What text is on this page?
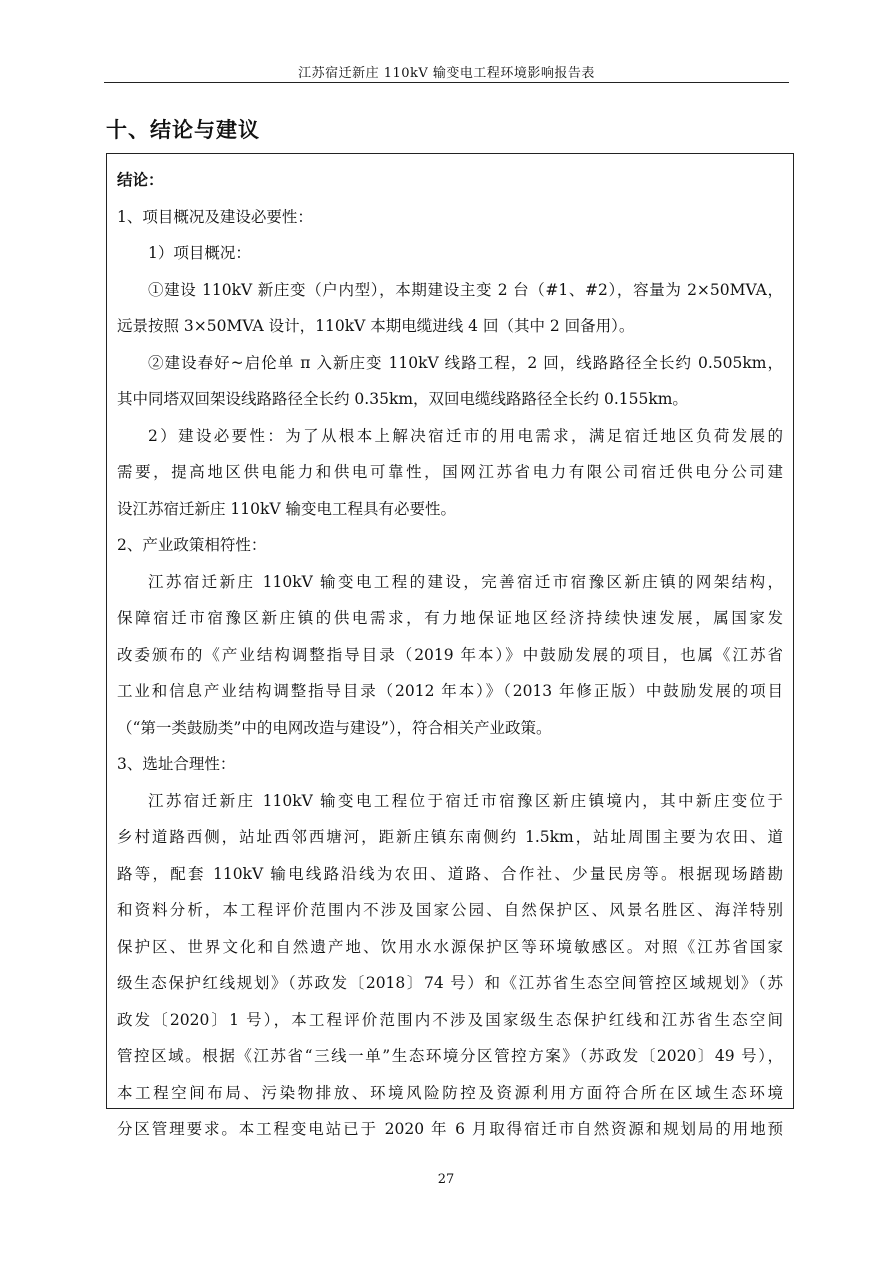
江苏宿迁新庄 110kV 输变电工程环境影响报告表
十、结论与建议
结论：
1、项目概况及建设必要性：
1）项目概况：
①建设 110kV 新庄变（户内型），本期建设主变 2 台（#1、#2），容量为 2×50MVA，
远景按照 3×50MVA 设计，110kV 本期电缆进线 4 回（其中 2 回备用）。
②建设春好~启伦单 π 入新庄变 110kV 线路工程，2 回，线路路径全长约 0.505km，
其中同塔双回架设线路路径全长约 0.35km，双回电缆线路路径全长约 0.155km。
2）建设必要性：为了从根本上解决宿迁市的用电需求，满足宿迁地区负荷发展的
需要，提高地区供电能力和供电可靠性，国网江苏省电力有限公司宿迁供电分公司建
设江苏宿迁新庄 110kV 输变电工程具有必要性。
2、产业政策相符性：
江苏宿迁新庄 110kV 输变电工程的建设，完善宿迁市宿豫区新庄镇的网架结构，
保障宿迁市宿豫区新庄镇的供电需求，有力地保证地区经济持续快速发展，属国家发
改委颁布的《产业结构调整指导目录（2019 年本）》中鼓励发展的项目，也属《江苏省
工业和信息产业结构调整指导目录（2012 年本）》（2013 年修正版）中鼓励发展的项目
（“第一类鼓励类”中的电网改造与建设”），符合相关产业政策。
3、选址合理性：
江苏宿迁新庄 110kV 输变电工程位于宿迁市宿豫区新庄镇境内，其中新庄变位于
乡村道路西侧，站址西邻西塘河，距新庄镇东南侧约 1.5km，站址周围主要为农田、道
路等，配套 110kV 输电线路沿线为农田、道路、合作社、少量民房等。根据现场踏勘
和资料分析，本工程评价范围内不涉及国家公园、自然保护区、风景名胜区、海洋特别
保护区、世界文化和自然遗产地、饮用水水源保护区等环境敏感区。对照《江苏省国家
级生态保护红线规划》（苏政发〔2018〕74 号）和《江苏省生态空间管控区域规划》（苏
政发〔2020〕1 号），本工程评价范围内不涉及国家级生态保护红线和江苏省生态空间
管控区域。根据《江苏省“三线一单”生态环境分区管控方案》（苏政发〔2020〕49 号），
本工程空间布局、污染物排放、环境风险防控及资源利用方面符合所在区域生态环境
分区管理要求。本工程变电站已于 2020 年 6 月取得宿迁市自然资源和规划局的用地预
27
